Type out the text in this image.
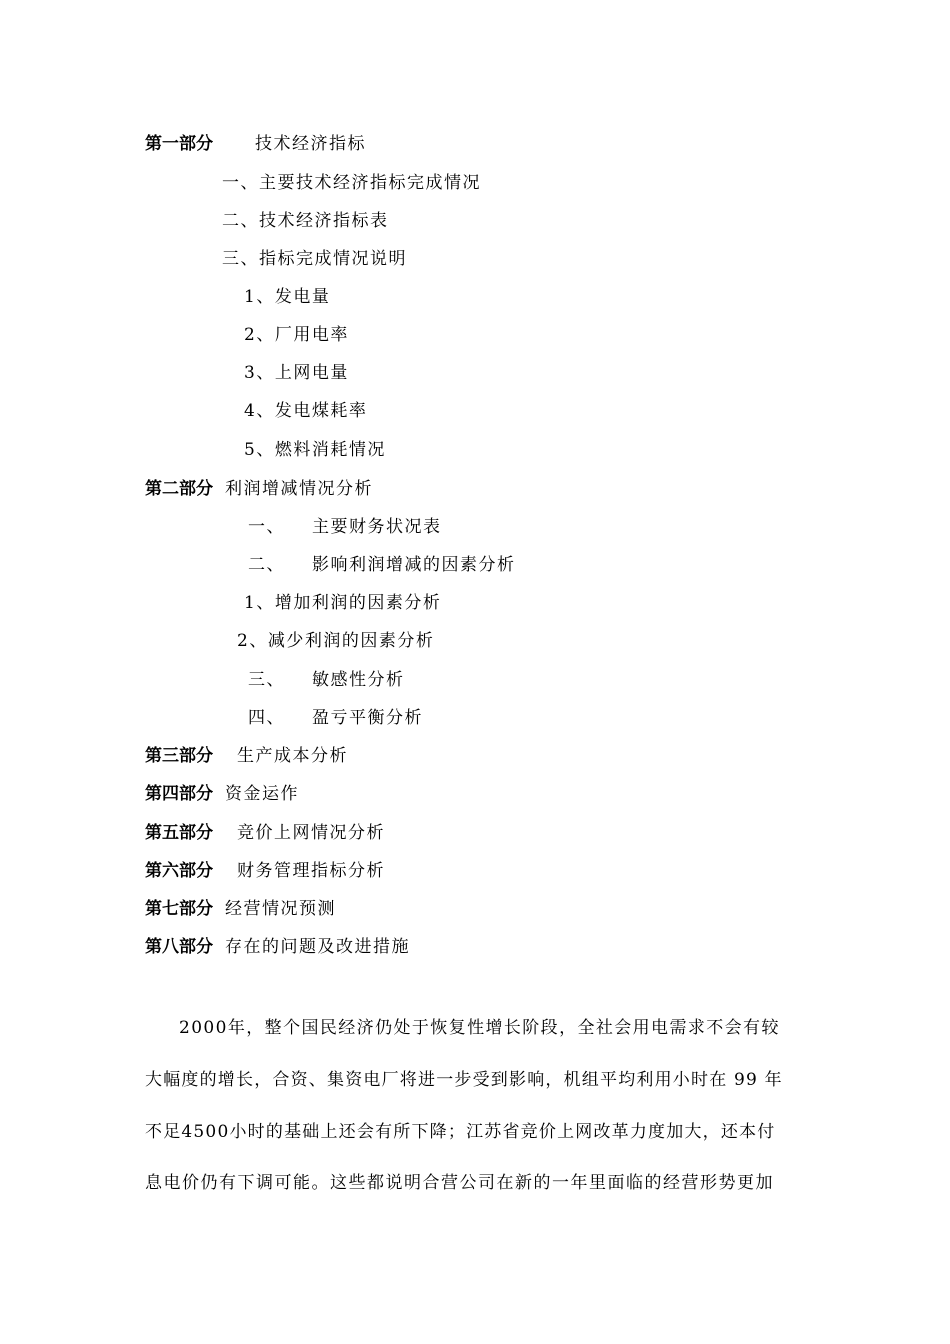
第一部分 技术经济指标
一、主要技术经济指标完成情况
二、技术经济指标表
三、指标完成情况说明
1、发电量
2、厂用电率
3、上网电量
4、发电煤耗率
5、燃料消耗情况
第二部分 利润增减情况分析
一、 主要财务状况表
二、 影响利润增减的因素分析
1、增加利润的因素分析
2、减少利润的因素分析
三、 敏感性分析
四、 盈亏平衡分析
第三部分 生产成本分析
第四部分 资金运作
第五部分 竞价上网情况分析
第六部分 财务管理指标分析
第七部分 经营情况预测
第八部分 存在的问题及改进措施
2000年，整个国民经济仍处于恢复性增长阶段，全社会用电需求不会有较
大幅度的增长，合资、集资电厂将进一步受到影响，机组平均利用小时在 99 年
不足4500小时的基础上还会有所下降；江苏省竞价上网改革力度加大，还本付
息电价仍有下调可能。这些都说明合营公司在新的一年里面临的经营形势更加
